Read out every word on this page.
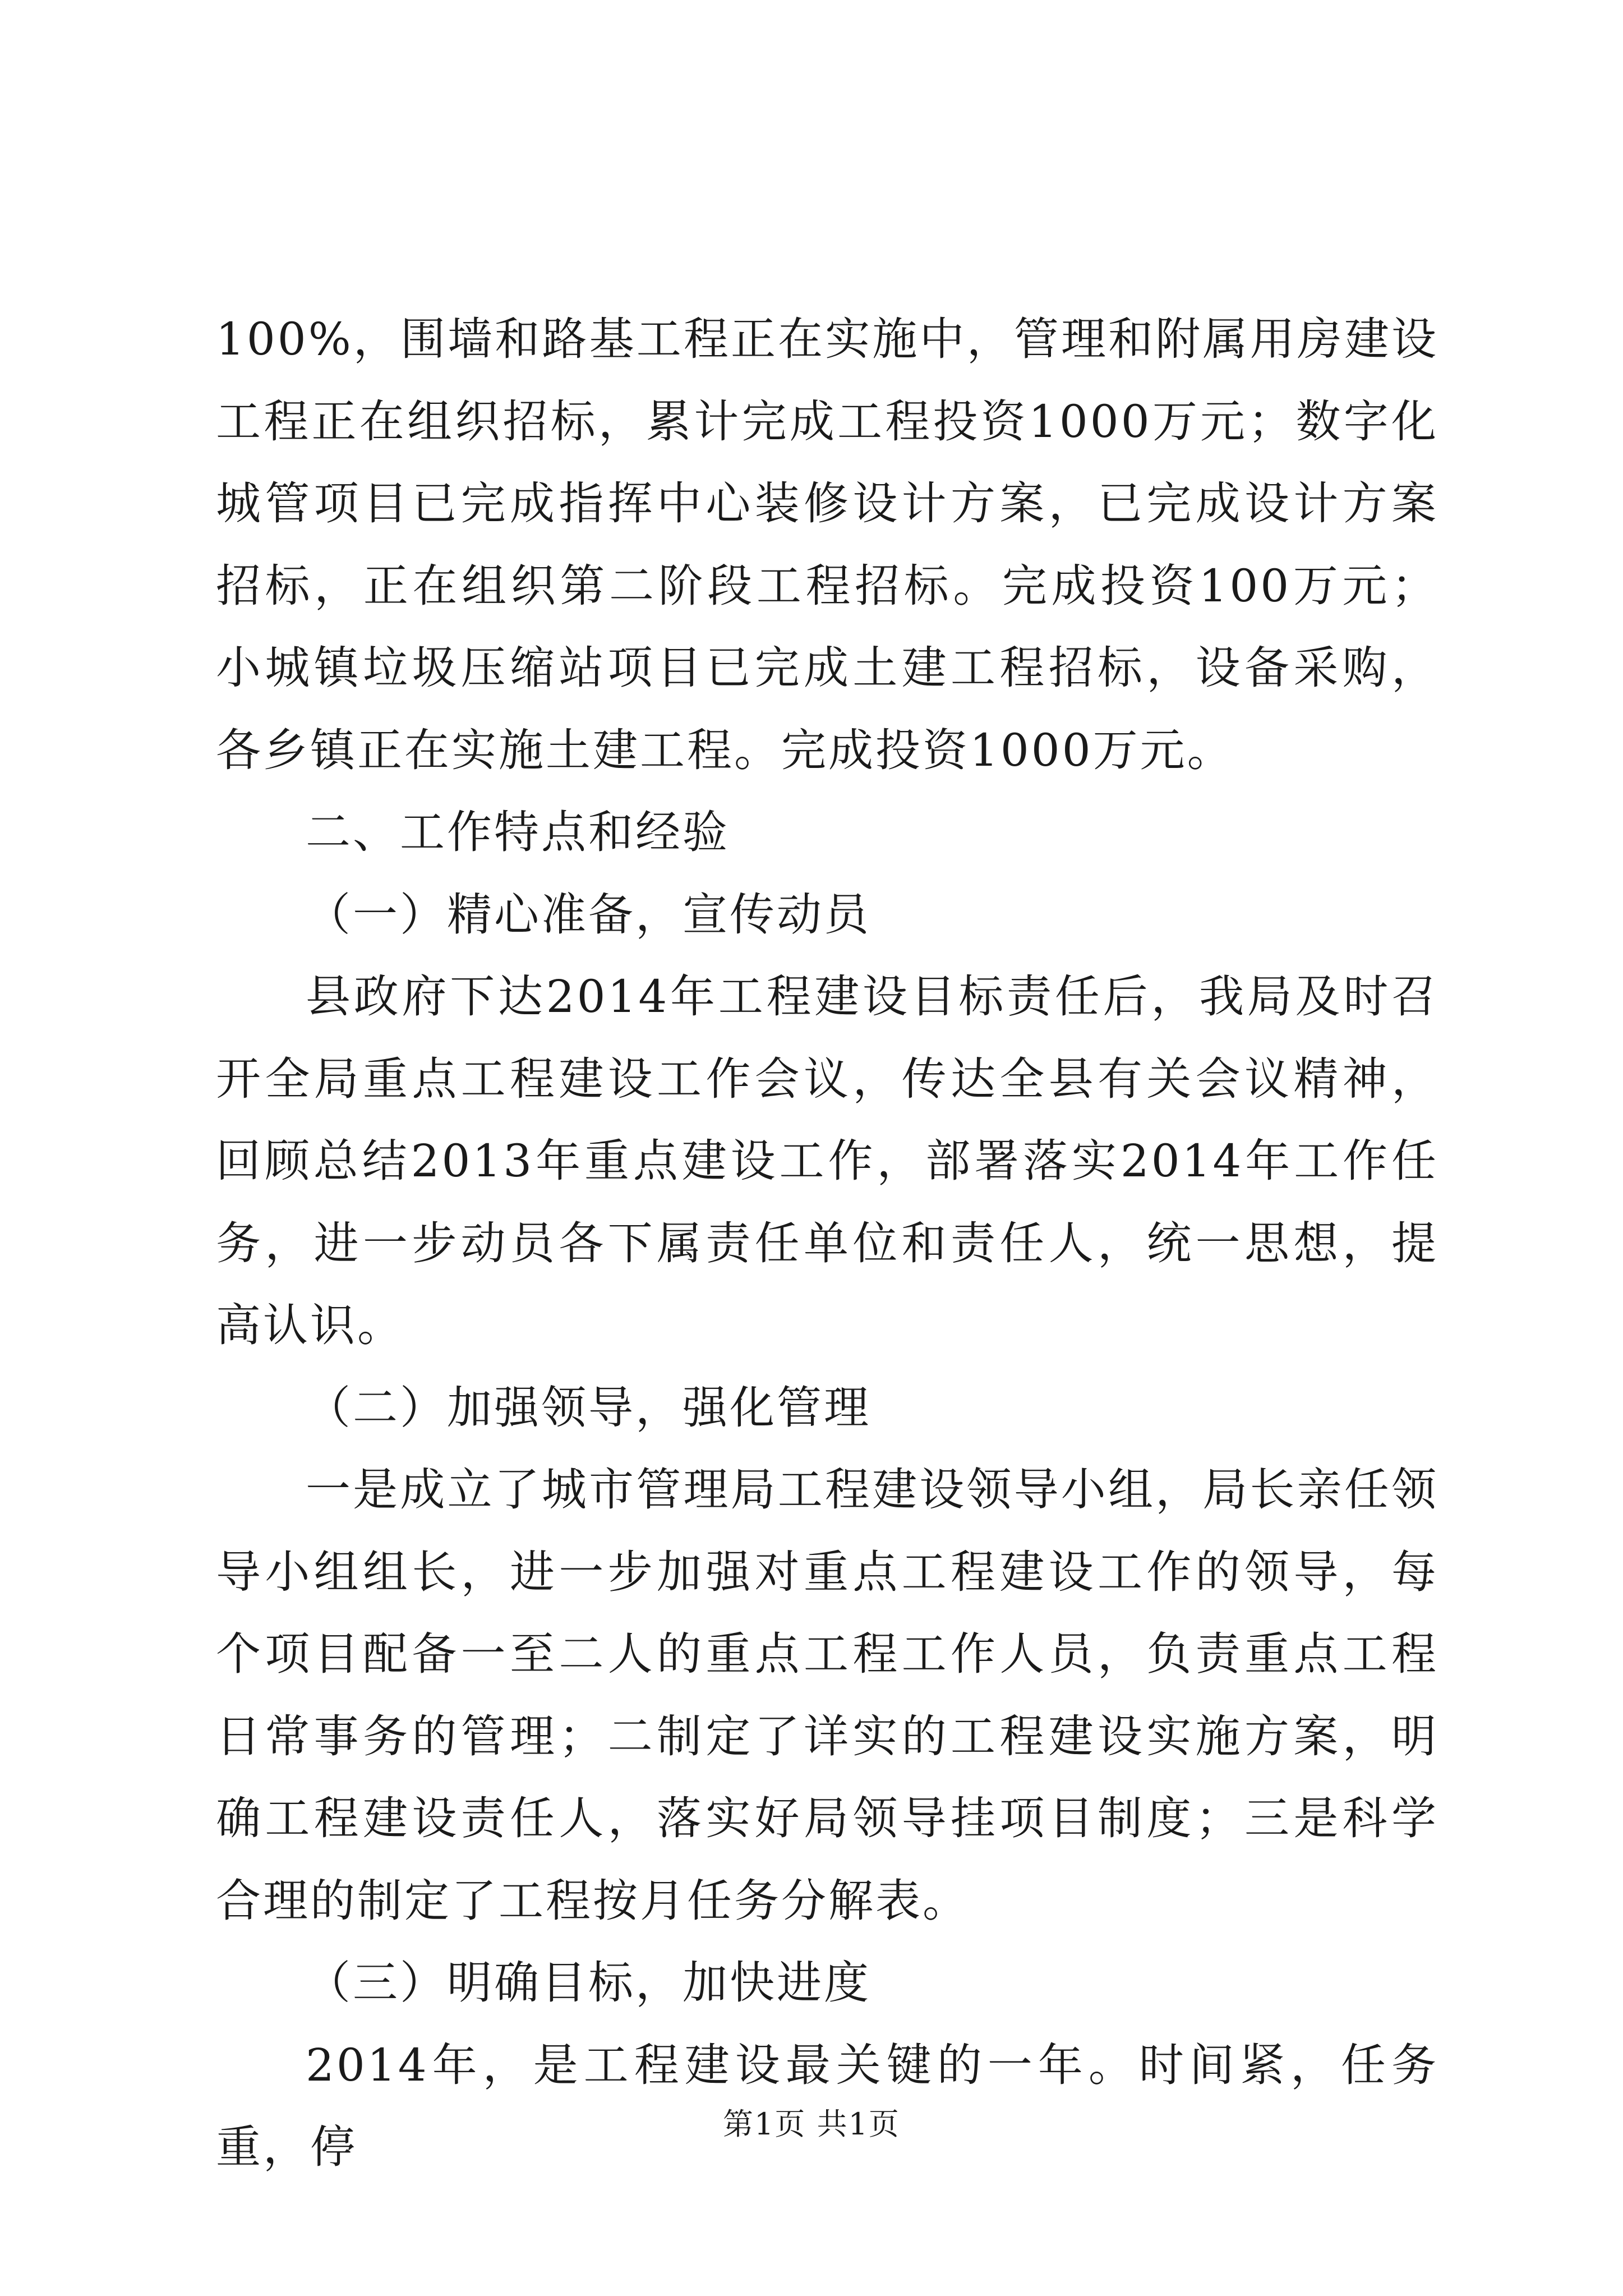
100%，围墙和路基工程正在实施中，管理和附属用房建设工程正在组织招标，累计完成工程投资1000万元；数字化城管项目已完成指挥中心装修设计方案，已完成设计方案招标，正在组织第二阶段工程招标。完成投资100万元；小城镇垃圾压缩站项目已完成土建工程招标，设备采购，各乡镇正在实施土建工程。完成投资1000万元。

二、工作特点和经验

（一）精心准备，宣传动员

县政府下达2014年工程建设目标责任后，我局及时召开全局重点工程建设工作会议，传达全县有关会议精神，回顾总结2013年重点建设工作，部署落实2014年工作任务，进一步动员各下属责任单位和责任人，统一思想，提高认识。

（二）加强领导，强化管理

一是成立了城市管理局工程建设领导小组，局长亲任领导小组组长，进一步加强对重点工程建设工作的领导，每个项目配备一至二人的重点工程工作人员，负责重点工程日常事务的管理；二制定了详实的工程建设实施方案，明确工程建设责任人，落实好局领导挂项目制度；三是科学合理的制定了工程按月任务分解表。

（三）明确目标，加快进度

2014年，是工程建设最关键的一年。时间紧，任务重，停	第1页 共1页
